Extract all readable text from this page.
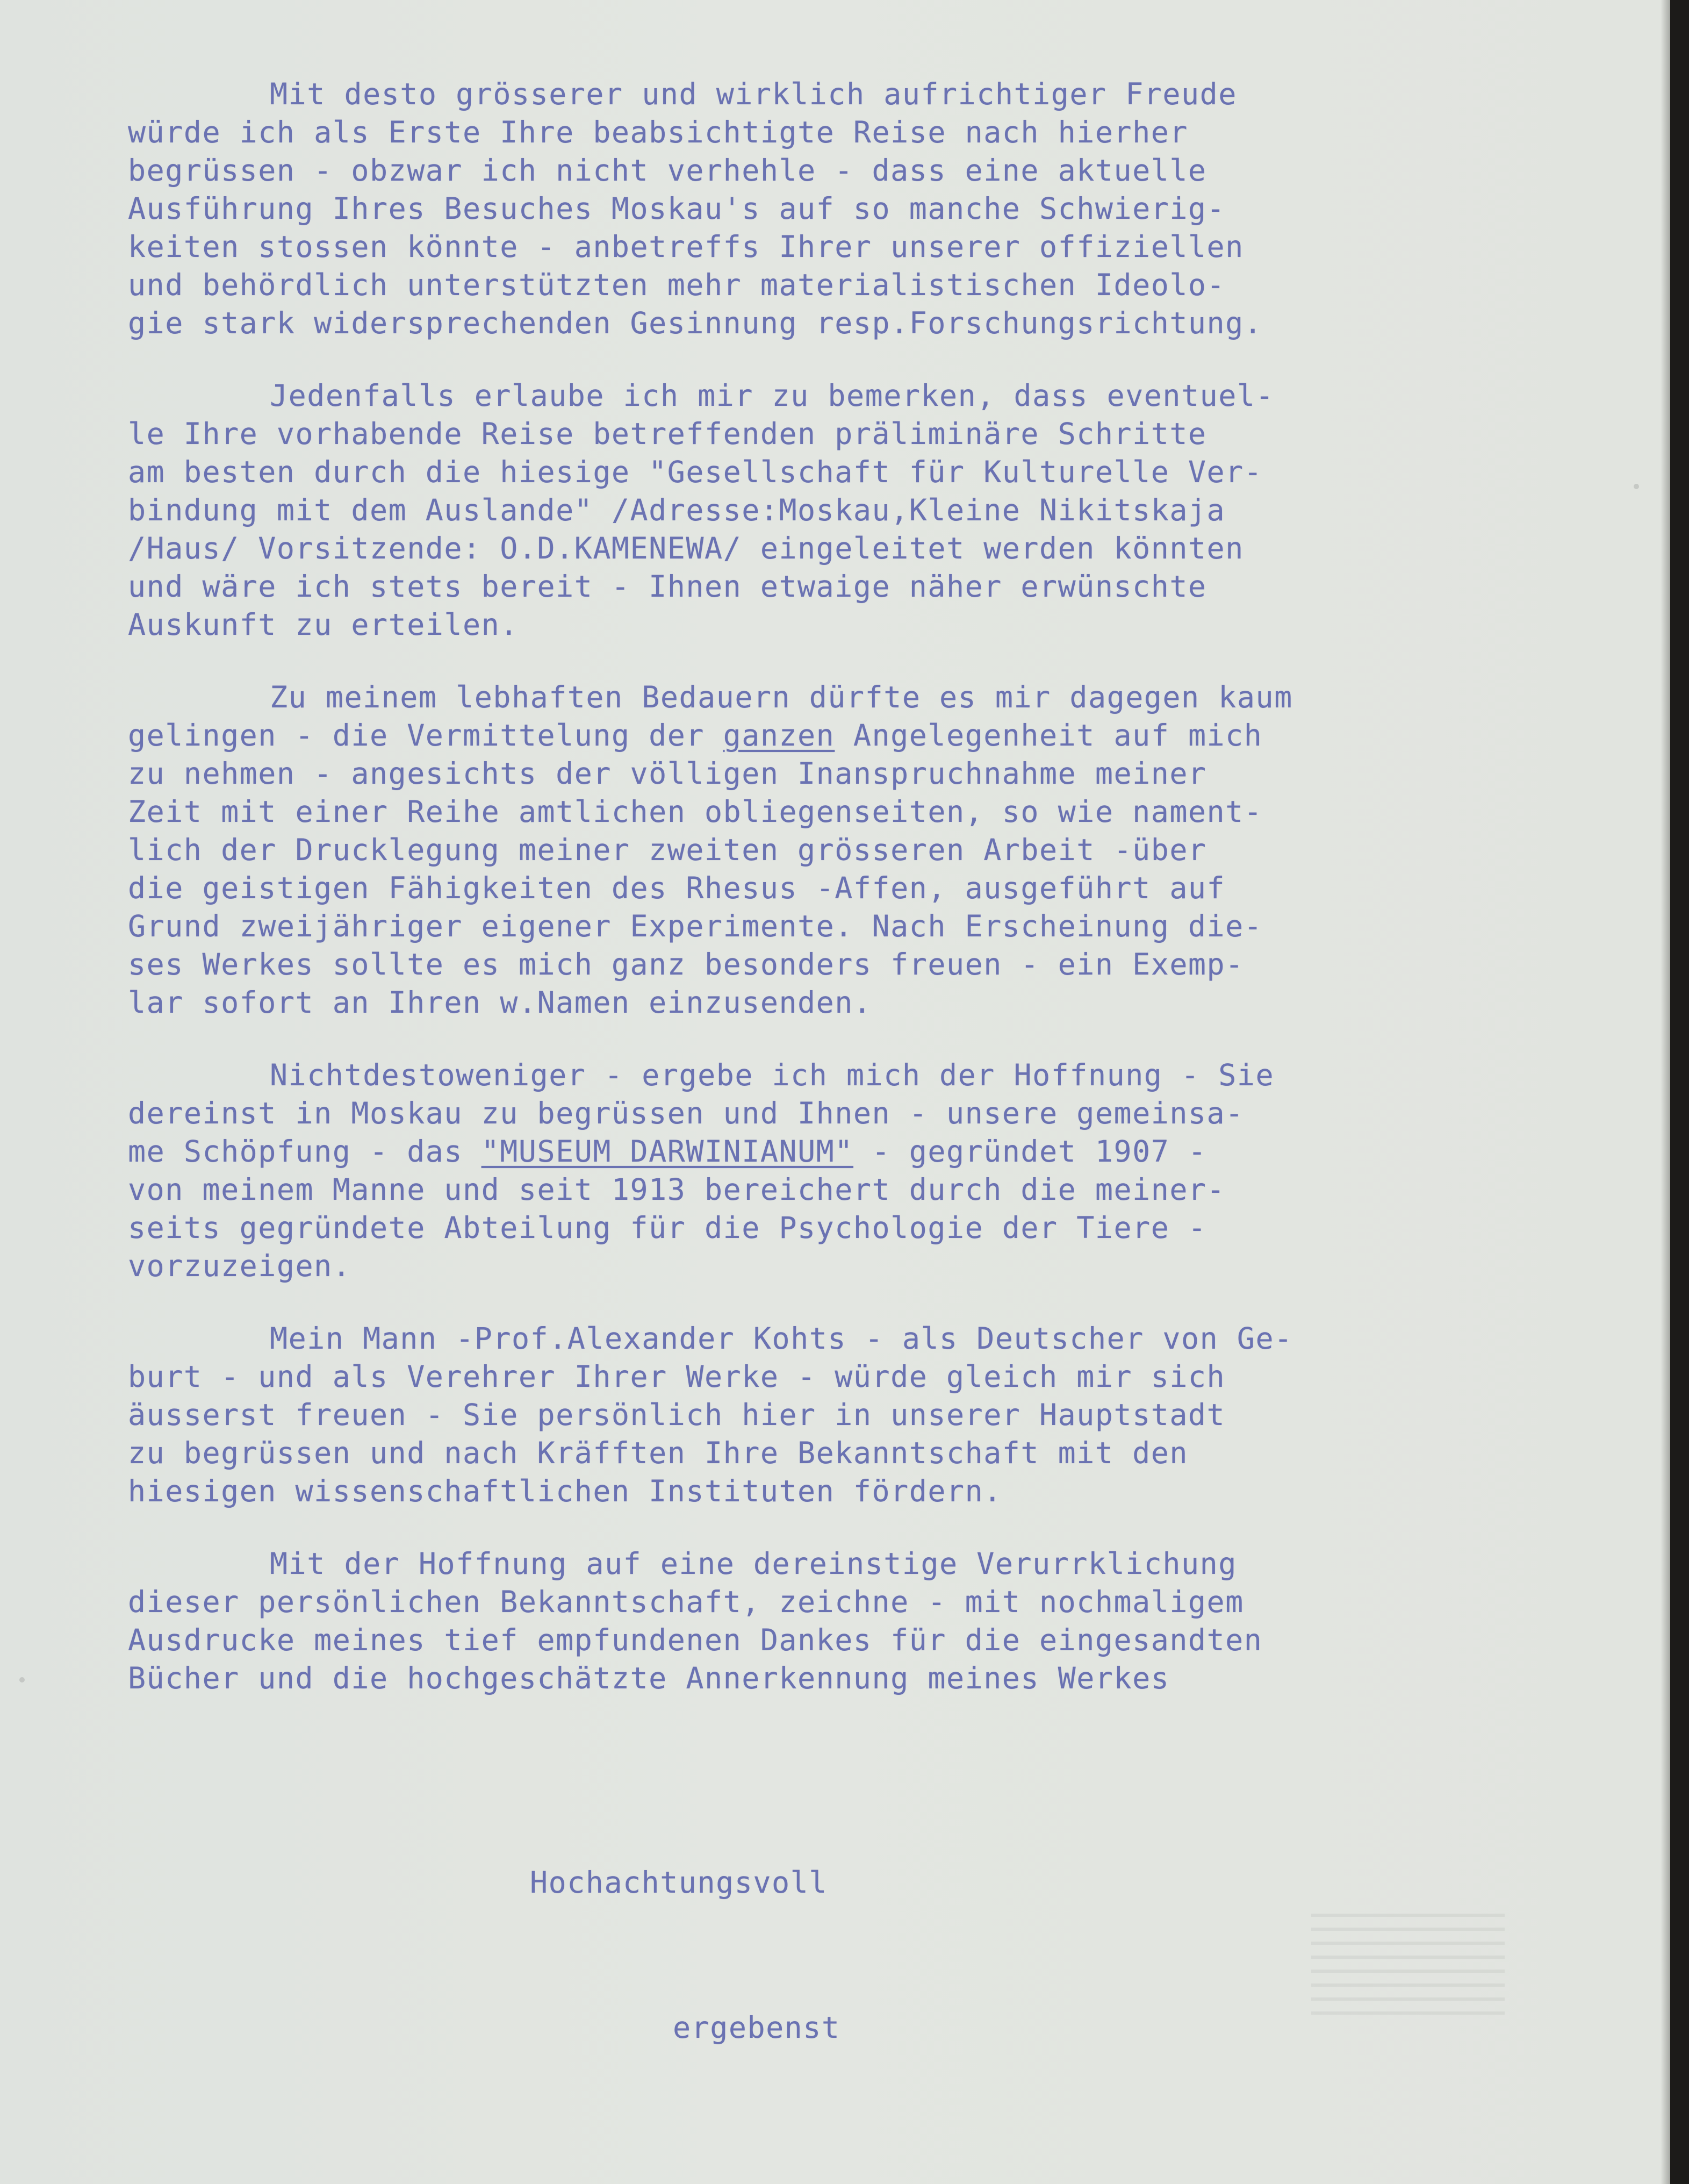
Mit desto grösserer und wirklich aufrichtiger Freude
würde ich als Erste Ihre beabsichtigte Reise nach hierher
begrüssen - obzwar ich nicht verhehle - dass eine aktuelle
Ausführung Ihres Besuches Moskau's auf so manche Schwierig-
keiten stossen könnte - anbetreffs Ihrer unserer offiziellen
und behördlich unterstützten mehr materialistischen Ideolo-
gie stark widersprechenden Gesinnung resp.Forschungsrichtung.
Jedenfalls erlaube ich mir zu bemerken, dass eventuel-
le Ihre vorhabende Reise betreffenden präliminäre Schritte
am besten durch die hiesige "Gesellschaft für Kulturelle Ver-
bindung mit dem Auslande" /Adresse:Moskau,Kleine Nikitskaja
/Haus/ Vorsitzende: O.D.KAMENEWA/ eingeleitet werden könnten
und wäre ich stets bereit - Ihnen etwaige näher erwünschte
Auskunft zu erteilen.
Zu meinem lebhaften Bedauern dürfte es mir dagegen kaum
gelingen - die Vermittelung der ganzen Angelegenheit auf mich
zu nehmen - angesichts der völligen Inanspruchnahme meiner
Zeit mit einer Reihe amtlichen obliegenseiten, so wie nament-
lich der Drucklegung meiner zweiten grösseren Arbeit -über
die geistigen Fähigkeiten des Rhesus -Affen, ausgeführt auf
Grund zweijähriger eigener Experimente. Nach Erscheinung die-
ses Werkes sollte es mich ganz besonders freuen - ein Exemp-
lar sofort an Ihren w.Namen einzusenden.
Nichtdestoweniger - ergebe ich mich der Hoffnung - Sie
dereinst in Moskau zu begrüssen und Ihnen - unsere gemeinsa-
me Schöpfung - das "MUSEUM DARWINIANUM" - gegründet 1907 -
von meinem Manne und seit 1913 bereichert durch die meiner-
seits gegründete Abteilung für die Psychologie der Tiere -
vorzuzeigen.
Mein Mann -Prof.Alexander Kohts - als Deutscher von Ge-
burt - und als Verehrer Ihrer Werke - würde gleich mir sich
äusserst freuen - Sie persönlich hier in unserer Hauptstadt
zu begrüssen und nach Kräfften Ihre Bekanntschaft mit den
hiesigen wissenschaftlichen Instituten fördern.
Mit der Hoffnung auf eine dereinstige Verurrklichung
dieser persönlichen Bekanntschaft, zeichne - mit nochmaligem
Ausdrucke meines tief empfundenen Dankes für die eingesandten
Bücher und die hochgeschätzte Annerkennung meines Werkes
Hochachtungsvoll
ergebenst
